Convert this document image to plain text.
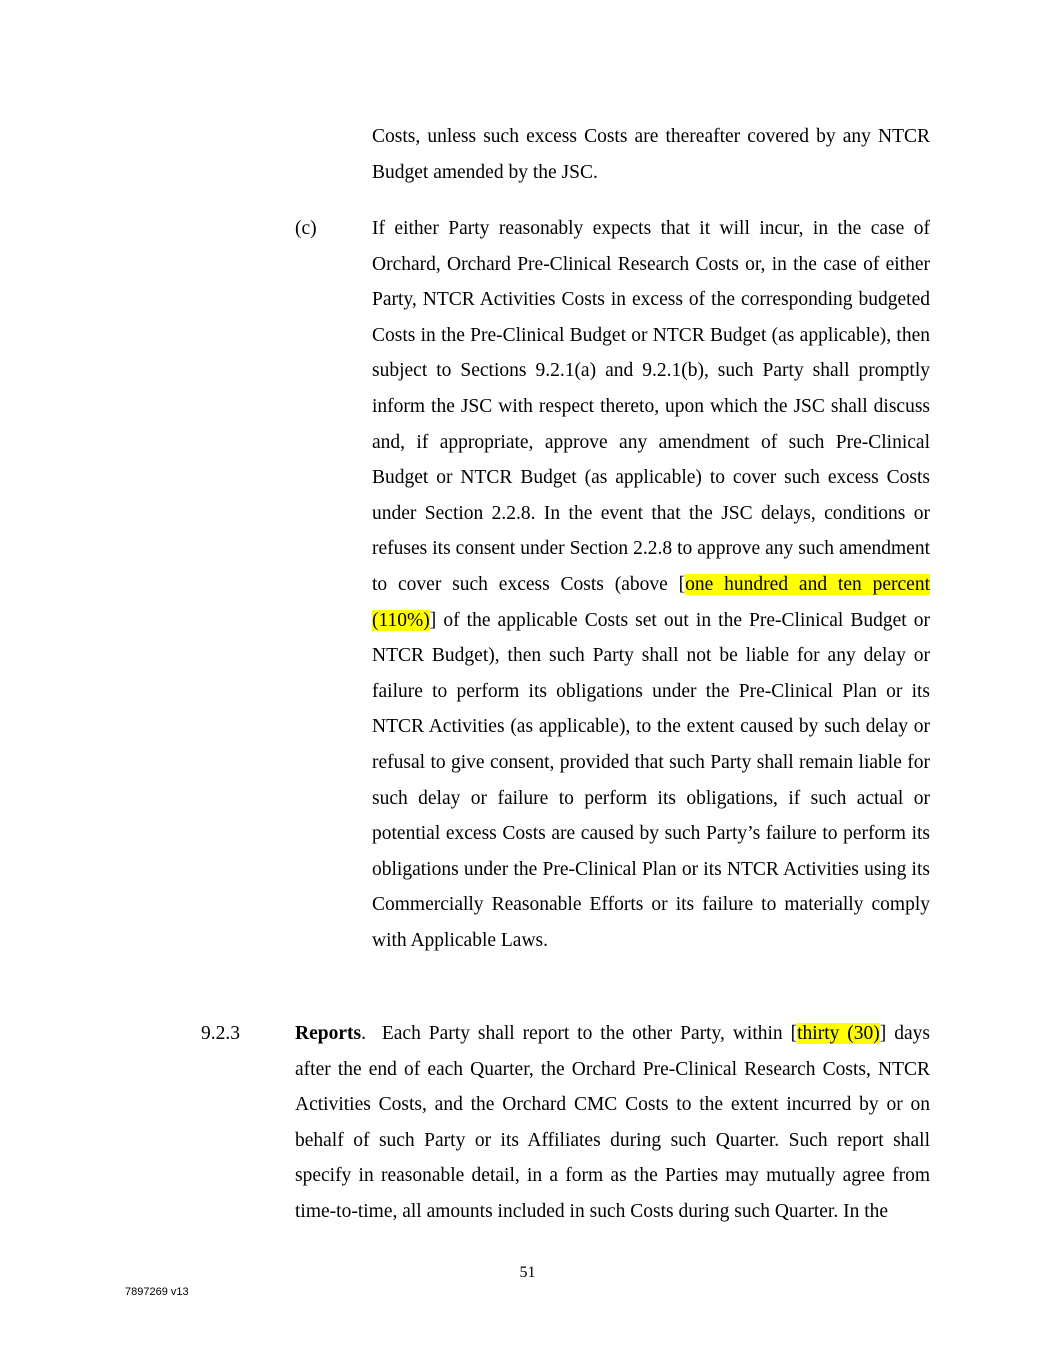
Costs, unless such excess Costs are thereafter covered by any NTCR Budget amended by the JSC.
(c)	If either Party reasonably expects that it will incur, in the case of Orchard, Orchard Pre-Clinical Research Costs or, in the case of either Party, NTCR Activities Costs in excess of the corresponding budgeted Costs in the Pre-Clinical Budget or NTCR Budget (as applicable), then subject to Sections 9.2.1(a) and 9.2.1(b), such Party shall promptly inform the JSC with respect thereto, upon which the JSC shall discuss and, if appropriate, approve any amendment of such Pre-Clinical Budget or NTCR Budget (as applicable) to cover such excess Costs under Section 2.2.8. In the event that the JSC delays, conditions or refuses its consent under Section 2.2.8 to approve any such amendment to cover such excess Costs (above [one hundred and ten percent (110%)] of the applicable Costs set out in the Pre-Clinical Budget or NTCR Budget), then such Party shall not be liable for any delay or failure to perform its obligations under the Pre-Clinical Plan or its NTCR Activities (as applicable), to the extent caused by such delay or refusal to give consent, provided that such Party shall remain liable for such delay or failure to perform its obligations, if such actual or potential excess Costs are caused by such Party’s failure to perform its obligations under the Pre-Clinical Plan or its NTCR Activities using its Commercially Reasonable Efforts or its failure to materially comply with Applicable Laws.
9.2.3	Reports.  Each Party shall report to the other Party, within [thirty (30)] days after the end of each Quarter, the Orchard Pre-Clinical Research Costs, NTCR Activities Costs, and the Orchard CMC Costs to the extent incurred by or on behalf of such Party or its Affiliates during such Quarter. Such report shall specify in reasonable detail, in a form as the Parties may mutually agree from time-to-time, all amounts included in such Costs during such Quarter. In the
51
7897269 v13
